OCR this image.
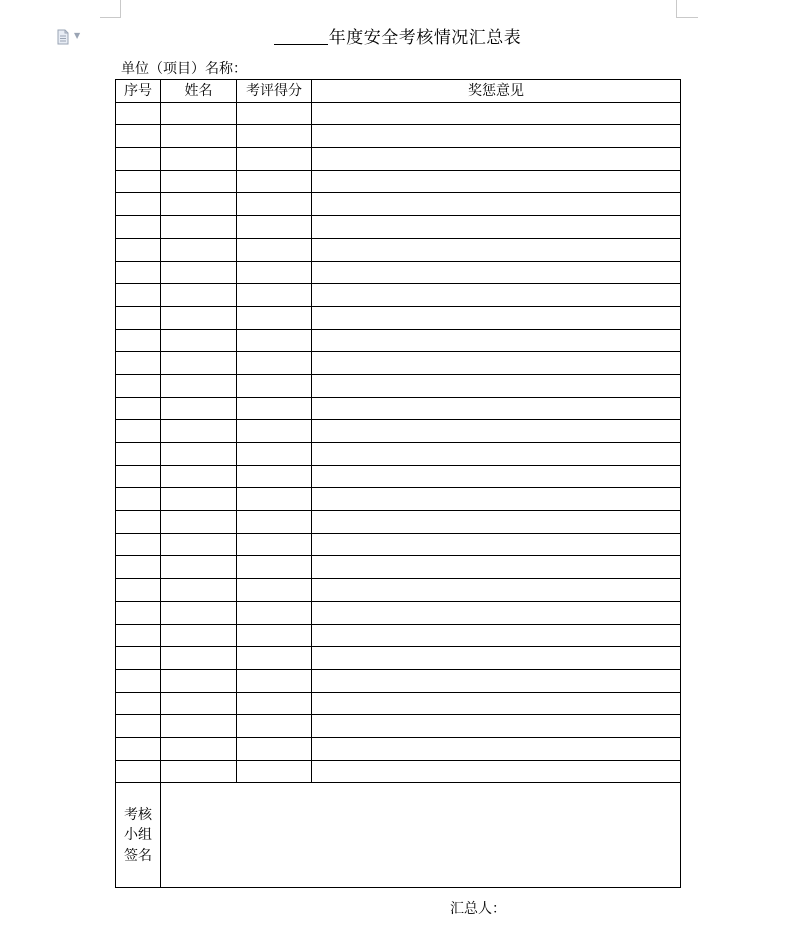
▼	年度安全考核情况汇总表
单位（项目）名称：
序号	姓名	考评得分	奖惩意见

考核小组签名			
汇总人：
